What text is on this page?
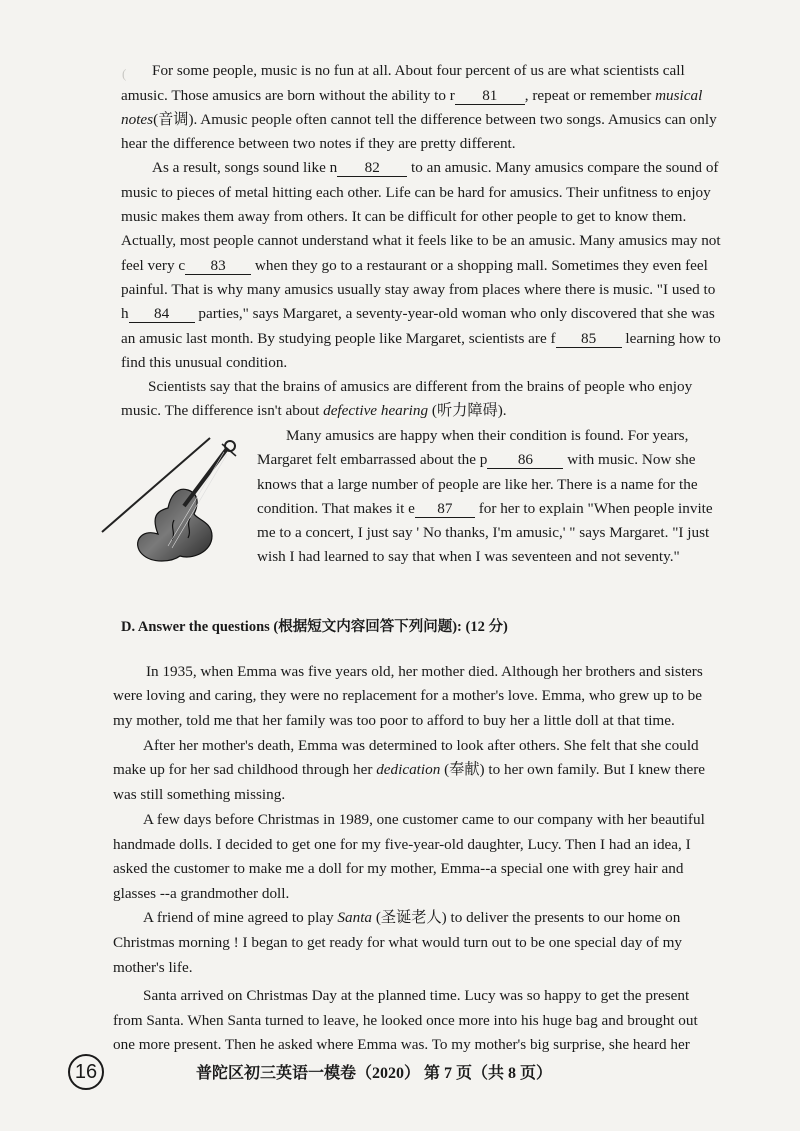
( For some people, music is no fun at all. About four percent of us are what scientists call
amusic. Those amusics are born without the ability to r 81 , repeat or remember musical
notes(音调). Amusic people often cannot tell the difference between two songs. Amusics can only
hear the difference between two notes if they are pretty different.
As a result, songs sound like n 82 to an amusic. Many amusics compare the sound of
music to pieces of metal hitting each other. Life can be hard for amusics. Their unfitness to enjoy
music makes them away from others. It can be difficult for other people to get to know them.
Actually, most people cannot understand what it feels like to be an amusic. Many amusics may not
feel very c 83 when they go to a restaurant or a shopping mall. Sometimes they even feel
painful. That is why many amusics usually stay away from places where there is music. "I used to
h 84 parties," says Margaret, a seventy-year-old woman who only discovered that she was
an amusic last month. By studying people like Margaret, scientists are f 85 learning how to
find this unusual condition.
Scientists say that the brains of amusics are different from the brains of people who enjoy
music. The difference isn't about defective hearing (听力障碍).
Many amusics are happy when their condition is found. For years,
Margaret felt embarrassed about the p 86 with music. Now she
knows that a large number of people are like her. There is a name for the
condition. That makes it e 87 for her to explain "When people invite
me to a concert, I just say ' No thanks, I'm amusic,' " says Margaret. "I just
wish I had learned to say that when I was seventeen and not seventy."
D. Answer the questions (根据短文内容回答下列问题): (12 分)
In 1935, when Emma was five years old, her mother died. Although her brothers and sisters
were loving and caring, they were no replacement for a mother's love. Emma, who grew up to be
my mother, told me that her family was too poor to afford to buy her a little doll at that time.
After her mother's death, Emma was determined to look after others. She felt that she could
make up for her sad childhood through her dedication (奉献) to her own family. But I knew there
was still something missing.
A few days before Christmas in 1989, one customer came to our company with her beautiful
handmade dolls. I decided to get one for my five-year-old daughter, Lucy. Then I had an idea, I
asked the customer to make me a doll for my mother, Emma--a special one with grey hair and
glasses --a grandmother doll.
A friend of mine agreed to play Santa (圣诞老人) to deliver the presents to our home on
Christmas morning ! I began to get ready for what would turn out to be one special day of my
mother's life.
Santa arrived on Christmas Day at the planned time. Lucy was so happy to get the present
from Santa. When Santa turned to leave, he looked once more into his huge bag and brought out
one more present. Then he asked where Emma was. To my mother's big surprise, she heard her
16	普陀区初三英语一模卷（2020） 第 7 页（共 8 页）
